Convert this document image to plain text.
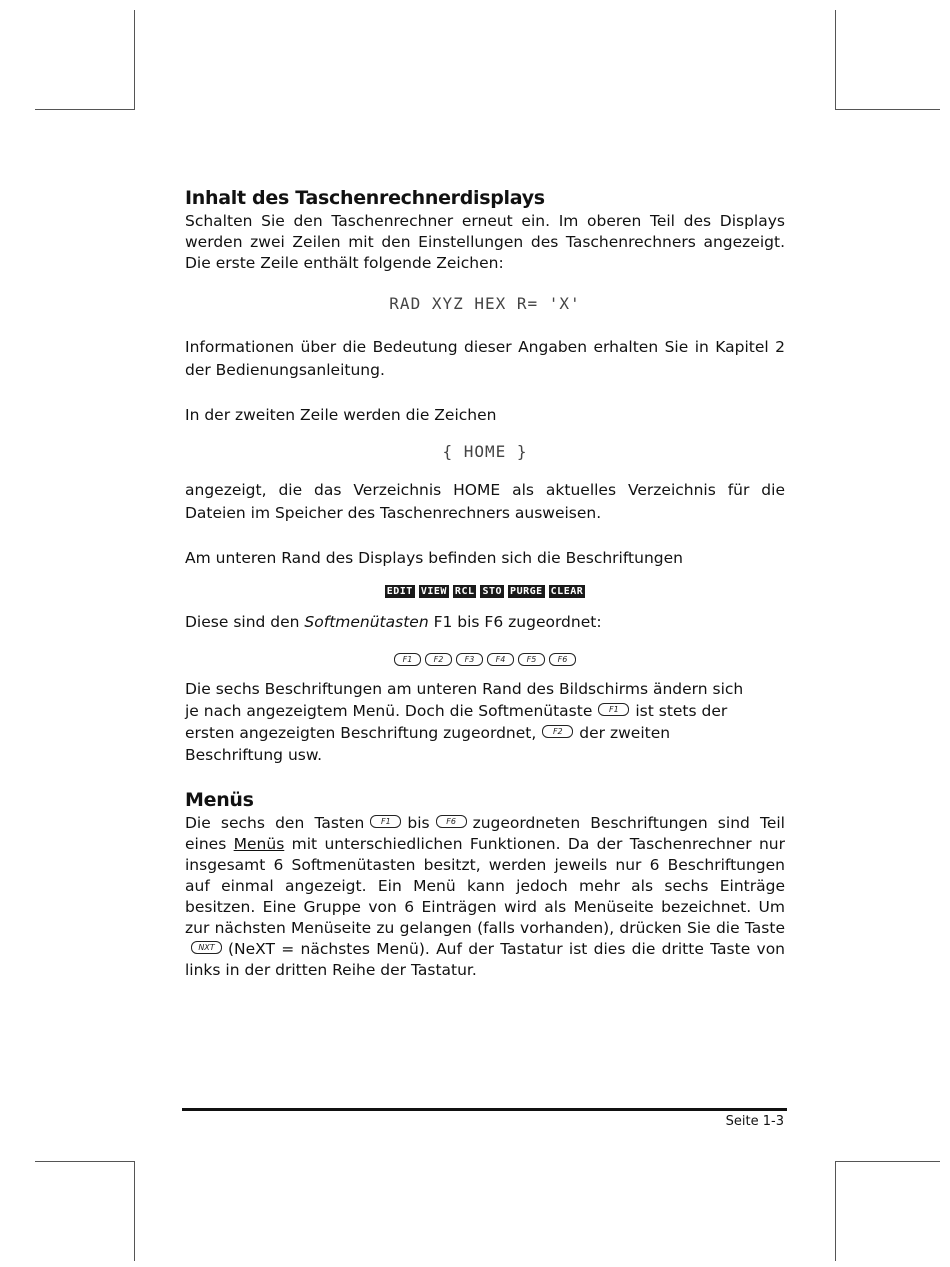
Inhalt des Taschenrechnerdisplays

Schalten Sie den Taschenrechner erneut ein. Im oberen Teil des Displays werden zwei Zeilen mit den Einstellungen des Taschenrechners angezeigt. Die erste Zeile enthält folgende Zeichen:

RAD XYZ HEX R= 'X'

Informationen über die Bedeutung dieser Angaben erhalten Sie in Kapitel 2 der Bedienungsanleitung.

In der zweiten Zeile werden die Zeichen

{ HOME }

angezeigt, die das Verzeichnis HOME als aktuelles Verzeichnis für die Dateien im Speicher des Taschenrechners ausweisen.

Am unteren Rand des Displays befinden sich die Beschriftungen

EDIT VIEW RCL STO PURGE CLEAR

Diese sind den Softmenütasten F1 bis F6 zugeordnet:

F1	F2	F3	F4	F5	F6

Die sechs Beschriftungen am unteren Rand des Bildschirms ändern sich je nach angezeigtem Menü. Doch die Softmenütaste F1 ist stets der ersten angezeigten Beschriftung zugeordnet, F2 der zweiten Beschriftung usw.

Menüs

Die sechs den Tasten F1 bis F6 zugeordneten Beschriftungen sind Teil eines Menüs mit unterschiedlichen Funktionen. Da der Taschenrechner nur insgesamt 6 Softmenütasten besitzt, werden jeweils nur 6 Beschriftungen auf einmal angezeigt. Ein Menü kann jedoch mehr als sechs Einträge besitzen. Eine Gruppe von 6 Einträgen wird als Menüseite bezeichnet. Um zur nächsten Menüseite zu gelangen (falls vorhanden), drücken Sie die TasteNXT (NeXT = nächstes Menü). Auf der Tastatur ist dies die dritte Taste von links in der dritten Reihe der Tastatur.

Seite 1-3
